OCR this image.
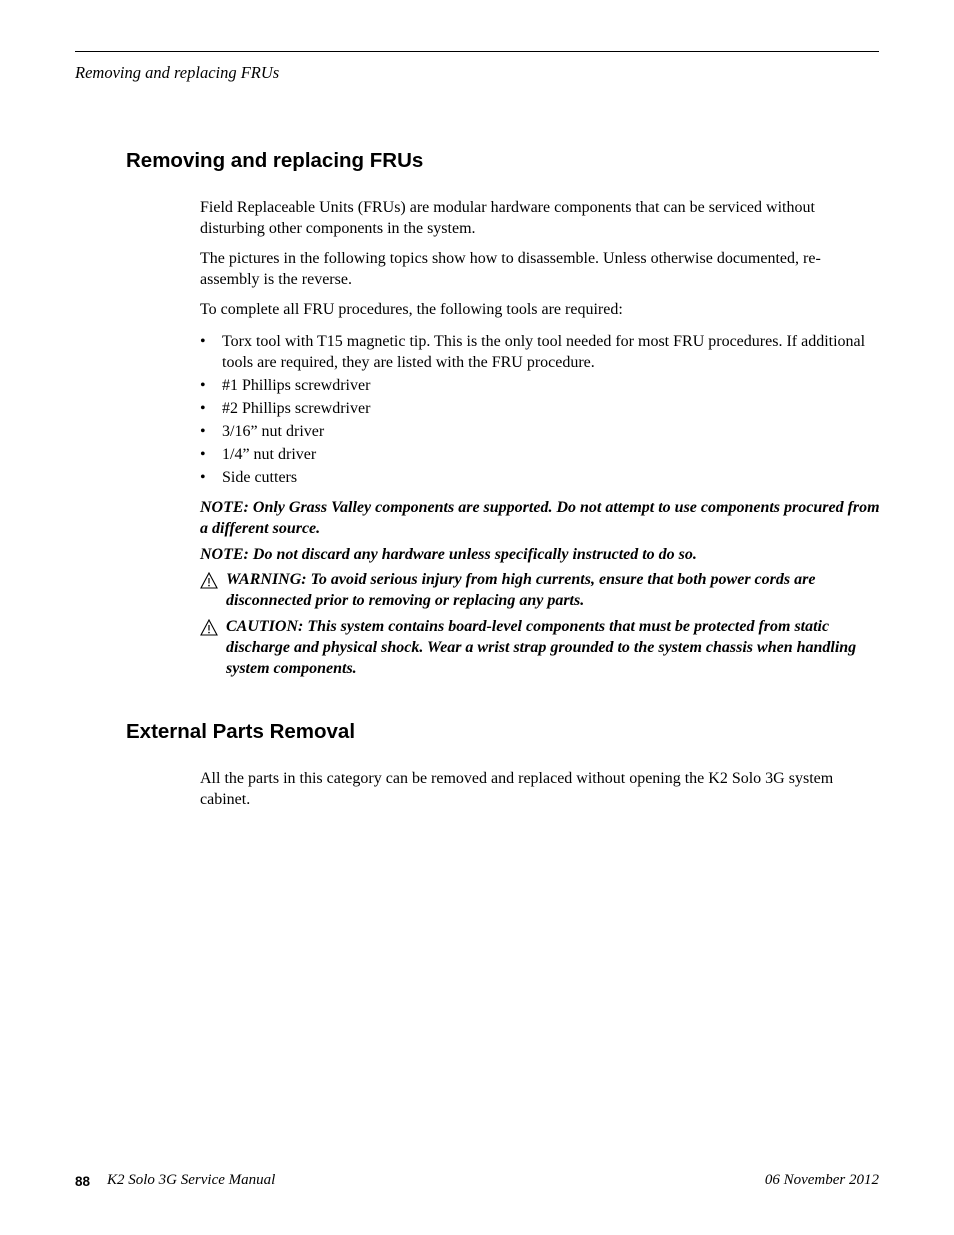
Removing and replacing FRUs
Removing and replacing FRUs

Field Replaceable Units (FRUs) are modular hardware components that can be serviced without disturbing other components in the system.

The pictures in the following topics show how to disassemble. Unless otherwise documented, re-assembly is the reverse.

To complete all FRU procedures, the following tools are required:

• Torx tool with T15 magnetic tip. This is the only tool needed for most FRU procedures. If additional tools are required, they are listed with the FRU procedure.
• #1 Phillips screwdriver
• #2 Phillips screwdriver
• 3/16” nut driver
• 1/4” nut driver
• Side cutters

NOTE: Only Grass Valley components are supported. Do not attempt to use components procured from a different source.

NOTE: Do not discard any hardware unless specifically instructed to do so.

WARNING: To avoid serious injury from high currents, ensure that both power cords are disconnected prior to removing or replacing any parts.
CAUTION: This system contains board-level components that must be protected from static discharge and physical shock. Wear a wrist strap grounded to the system chassis when handling system components.
External Parts Removal

All the parts in this category can be removed and replaced without opening the K2 Solo 3G system cabinet.

88 K2 Solo 3G Service Manual	06 November 2012
